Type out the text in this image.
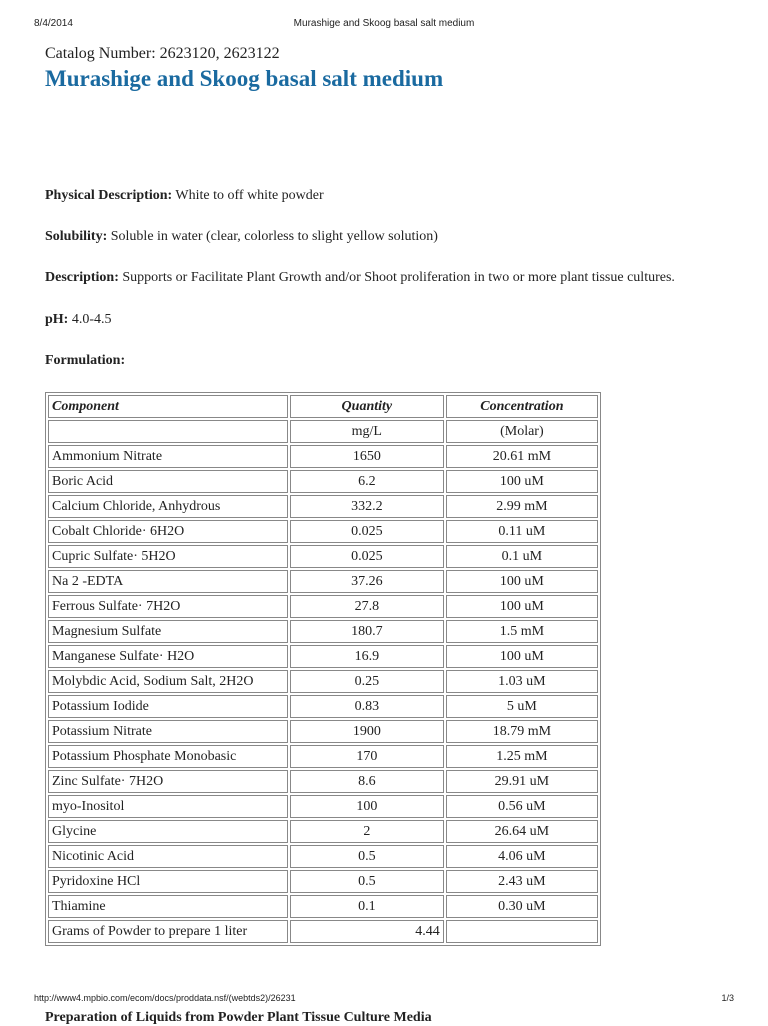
8/4/2014	Murashige and Skoog basal salt medium
Catalog Number: 2623120, 2623122
Murashige and Skoog basal salt medium
Physical Description: White to off white powder
Solubility: Soluble in water (clear, colorless to slight yellow solution)
Description: Supports or Facilitate Plant Growth and/or Shoot proliferation in two or more plant tissue cultures.
pH: 4.0-4.5
Formulation:
Component	Quantity	Concentration
	mg/L	(Molar)
Ammonium Nitrate	1650	20.61 mM
Boric Acid	6.2	100 uM
Calcium Chloride, Anhydrous	332.2	2.99 mM
Cobalt Chloride· 6H2O	0.025	0.11 uM
Cupric Sulfate· 5H2O	0.025	0.1 uM
Na 2 -EDTA	37.26	100 uM
Ferrous Sulfate· 7H2O	27.8	100 uM
Magnesium Sulfate	180.7	1.5 mM
Manganese Sulfate· H2O	16.9	100 uM
Molybdic Acid, Sodium Salt, 2H2O	0.25	1.03 uM
Potassium Iodide	0.83	5 uM
Potassium Nitrate	1900	18.79 mM
Potassium Phosphate Monobasic	170	1.25 mM
Zinc Sulfate· 7H2O	8.6	29.91 uM
myo-Inositol	100	0.56 uM
Glycine	2	26.64 uM
Nicotinic Acid	0.5	4.06 uM
Pyridoxine HCl	0.5	2.43 uM
Thiamine	0.1	0.30 uM
Grams of Powder to prepare 1 liter	4.44	
Preparation of Liquids from Powder Plant Tissue Culture Media
http://www4.mpbio.com/ecom/docs/proddata.nsf/(webtds2)/26231	1/3
